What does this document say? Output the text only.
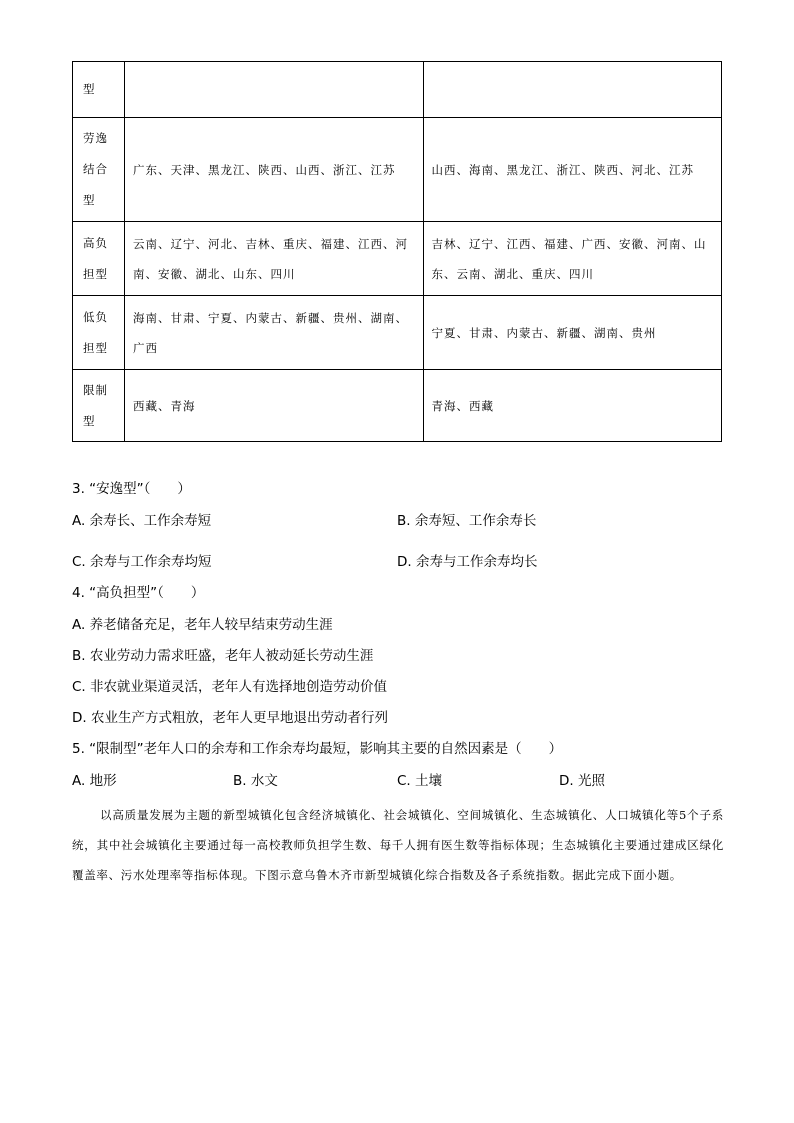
型		
劳逸结合型	广东、天津、黑龙江、陕西、山西、浙江、江苏	山西、海南、黑龙江、浙江、陕西、河北、江苏
高负担型	云南、辽宁、河北、吉林、重庆、福建、江西、河南、安徽、湖北、山东、四川	吉林、辽宁、江西、福建、广西、安徽、河南、山东、云南、湖北、重庆、四川
低负担型	海南、甘肃、宁夏、内蒙古、新疆、贵州、湖南、广西	宁夏、甘肃、内蒙古、新疆、湖南、贵州
限制型	西藏、青海	青海、西藏
3. “安逸型”（　　）
A. 余寿长、工作余寿短	B. 余寿短、工作余寿长
C. 余寿与工作余寿均短	D. 余寿与工作余寿均长
4. “高负担型”（　　）
A. 养老储备充足，老年人较早结束劳动生涯
B. 农业劳动力需求旺盛，老年人被动延长劳动生涯
C. 非农就业渠道灵活，老年人有选择地创造劳动价值
D. 农业生产方式粗放，老年人更早地退出劳动者行列
5. “限制型”老年人口的余寿和工作余寿均最短，影响其主要的自然因素是（　　）
A. 地形	B. 水文	C. 土壤	D. 光照
以高质量发展为主题的新型城镇化包含经济城镇化、社会城镇化、空间城镇化、生态城镇化、人口城镇化等5个子系统，其中社会城镇化主要通过每一高校教师负担学生数、每千人拥有医生数等指标体现；生态城镇化主要通过建成区绿化覆盖率、污水处理率等指标体现。下图示意乌鲁木齐市新型城镇化综合指数及各子系统指数。据此完成下面小题。
